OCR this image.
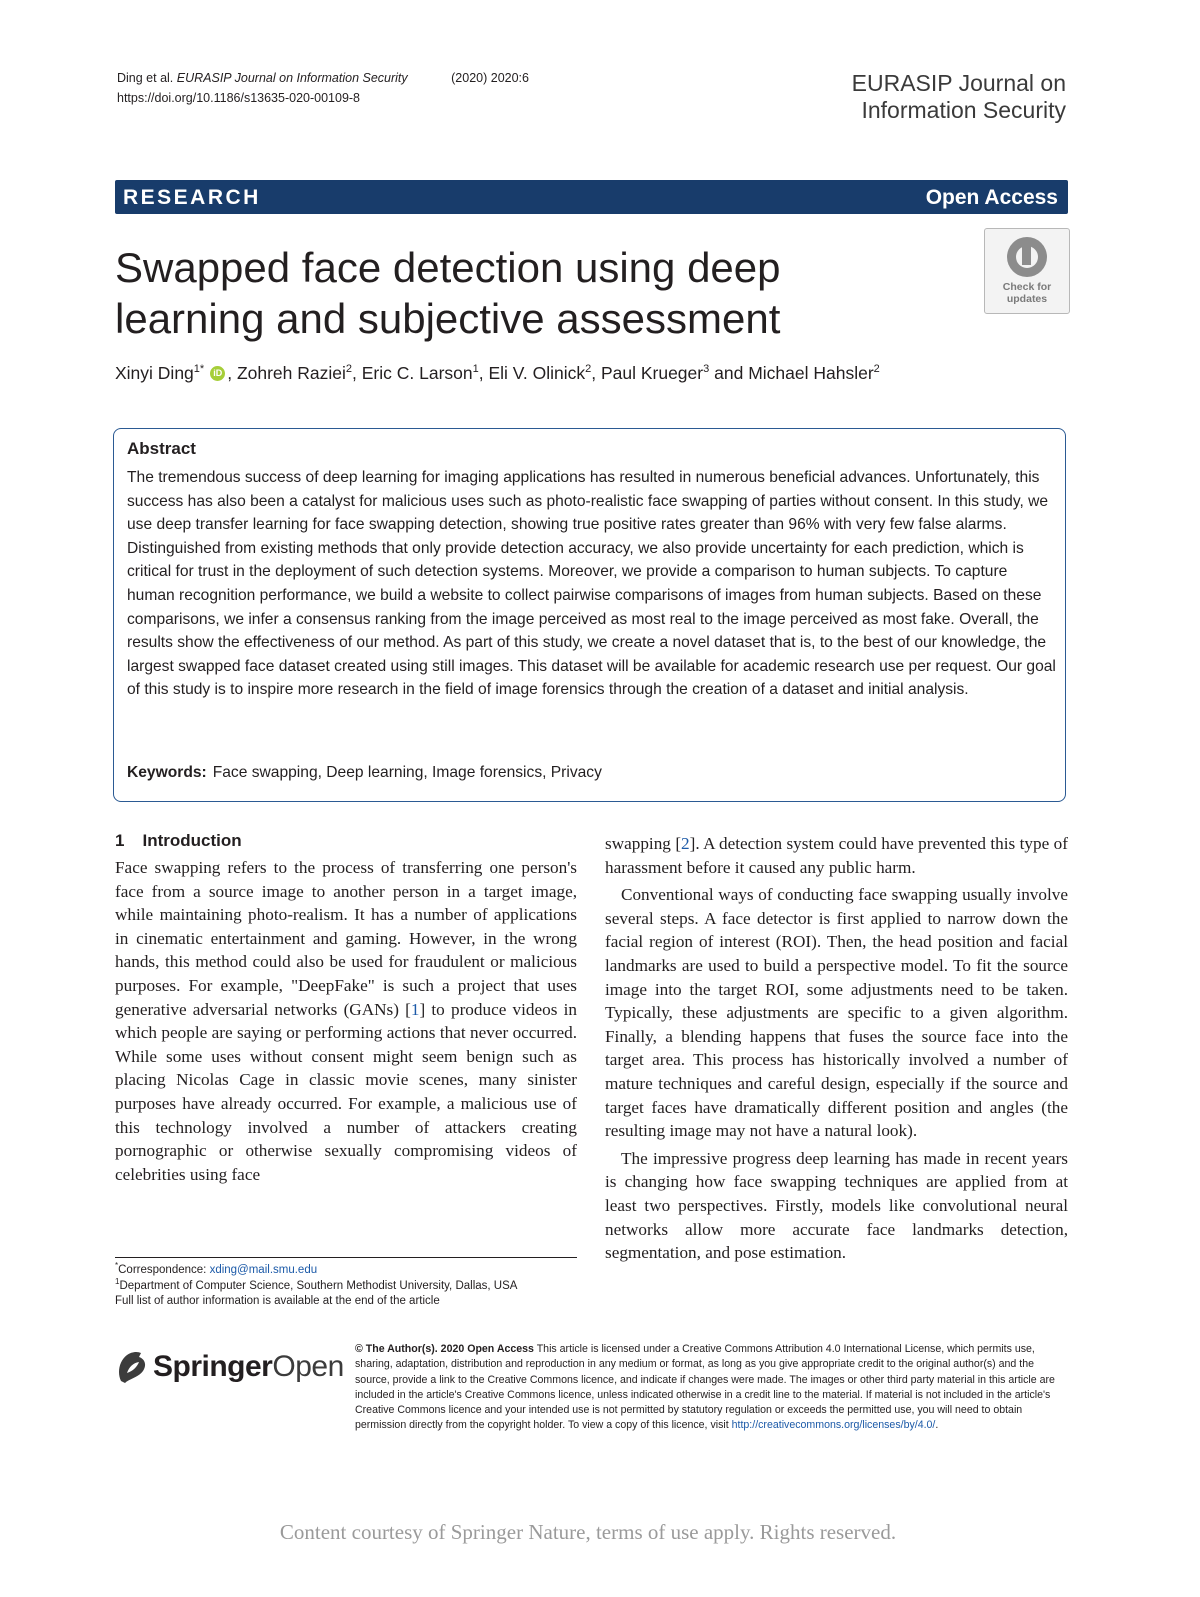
Ding et al. EURASIP Journal on Information Security	(2020) 2020:6
https://doi.org/10.1186/s13635-020-00109-8
EURASIP Journal on
Information Security
RESEARCH	Open Access
Swapped face detection using deep learning and subjective assessment
Check for
updates
Xinyi Ding$^{1*}$ iD , Zohreh Raziei$^2$, Eric C. Larson$^1$, Eli V. Olinick$^2$, Paul Krueger$^3$ and Michael Hahsler$^2$
Abstract
The tremendous success of deep learning for imaging applications has resulted in numerous beneficial advances. Unfortunately, this success has also been a catalyst for malicious uses such as photo-realistic face swapping of parties without consent. In this study, we use deep transfer learning for face swapping detection, showing true positive rates greater than 96% with very few false alarms. Distinguished from existing methods that only provide detection accuracy, we also provide uncertainty for each prediction, which is critical for trust in the deployment of such detection systems. Moreover, we provide a comparison to human subjects. To capture human recognition performance, we build a website to collect pairwise comparisons of images from human subjects. Based on these comparisons, we infer a consensus ranking from the image perceived as most real to the image perceived as most fake. Overall, the results show the effectiveness of our method. As part of this study, we create a novel dataset that is, to the best of our knowledge, the largest swapped face dataset created using still images. This dataset will be available for academic research use per request. Our goal of this study is to inspire more research in the field of image forensics through the creation of a dataset and initial analysis.
Keywords: Face swapping, Deep learning, Image forensics, Privacy
1 Introduction
Face swapping refers to the process of transferring one person's face from a source image to another person in a target image, while maintaining photo-realism. It has a number of applications in cinematic entertainment and gaming. However, in the wrong hands, this method could also be used for fraudulent or malicious purposes. For example, "DeepFake" is such a project that uses generative adversarial networks (GANs) [1] to produce videos in which people are saying or performing actions that never occurred. While some uses without consent might seem benign such as placing Nicolas Cage in classic movie scenes, many sinister purposes have already occurred. For example, a malicious use of this technology involved a number of attackers creating pornographic or otherwise sexually compromising videos of celebrities using face

swapping [2]. A detection system could have prevented this type of harassment before it caused any public harm.

Conventional ways of conducting face swapping usually involve several steps. A face detector is first applied to narrow down the facial region of interest (ROI). Then, the head position and facial landmarks are used to build a perspective model. To fit the source image into the target ROI, some adjustments need to be taken. Typically, these adjustments are specific to a given algorithm. Finally, a blending happens that fuses the source face into the target area. This process has historically involved a number of mature techniques and careful design, especially if the source and target faces have dramatically different position and angles (the resulting image may not have a natural look).

The impressive progress deep learning has made in recent years is changing how face swapping techniques are applied from at least two perspectives. Firstly, models like convolutional neural networks allow more accurate face landmarks detection, segmentation, and pose estimation.

*Correspondence: xding@mail.smu.edu
$^1$Department of Computer Science, Southern Methodist University, Dallas, USA
Full list of author information is available at the end of the article
SpringerOpen
© The Author(s). 2020 Open Access This article is licensed under a Creative Commons Attribution 4.0 International License, which permits use, sharing, adaptation, distribution and reproduction in any medium or format, as long as you give appropriate credit to the original author(s) and the source, provide a link to the Creative Commons licence, and indicate if changes were made. The images or other third party material in this article are included in the article's Creative Commons licence, unless indicated otherwise in a credit line to the material. If material is not included in the article's Creative Commons licence and your intended use is not permitted by statutory regulation or exceeds the permitted use, you will need to obtain permission directly from the copyright holder. To view a copy of this licence, visit http://creativecommons.org/licenses/by/4.0/.
Content courtesy of Springer Nature, terms of use apply. Rights reserved.
